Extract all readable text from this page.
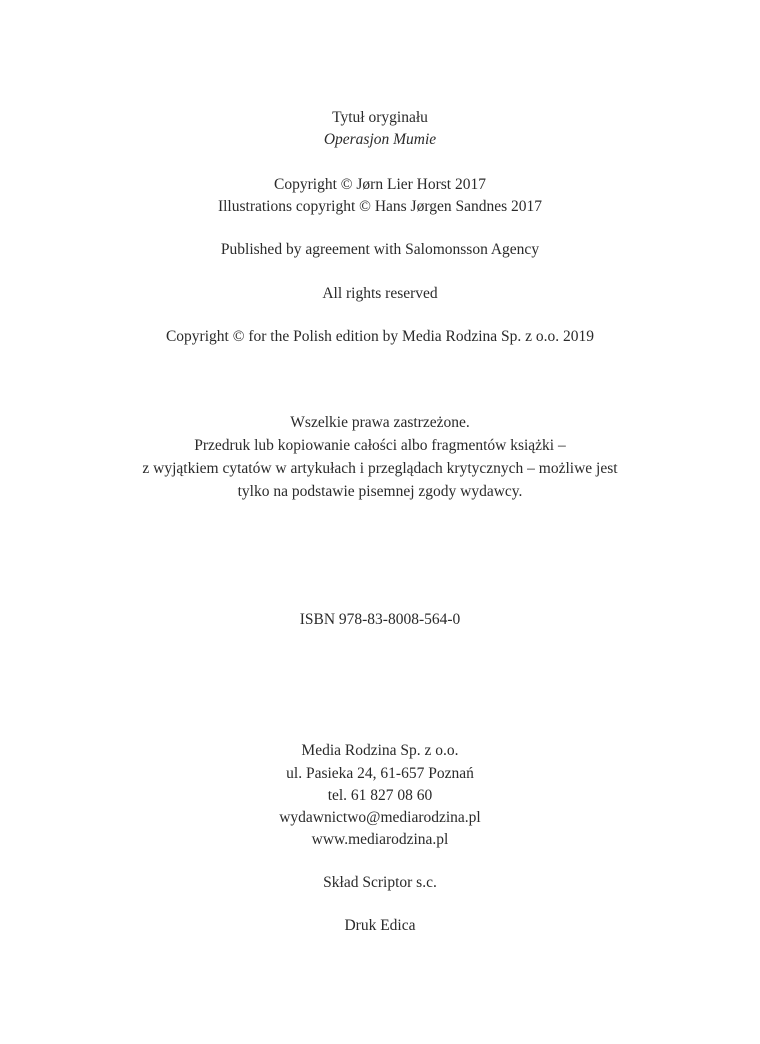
Tytuł oryginału
Operasjon Mumie
Copyright © Jørn Lier Horst 2017
Illustrations copyright © Hans Jørgen Sandnes 2017
Published by agreement with Salomonsson Agency
All rights reserved
Copyright © for the Polish edition by Media Rodzina Sp. z o.o. 2019
Wszelkie prawa zastrzeżone.
Przedruk lub kopiowanie całości albo fragmentów książki –
z wyjątkiem cytatów w artykułach i przeglądach krytycznych – możliwe jest
tylko na podstawie pisemnej zgody wydawcy.
ISBN 978-83-8008-564-0
Media Rodzina Sp. z o.o.
ul. Pasieka 24, 61-657 Poznań
tel. 61 827 08 60
wydawnictwo@mediarodzina.pl
www.mediarodzina.pl
Skład Scriptor s.c.
Druk Edica
